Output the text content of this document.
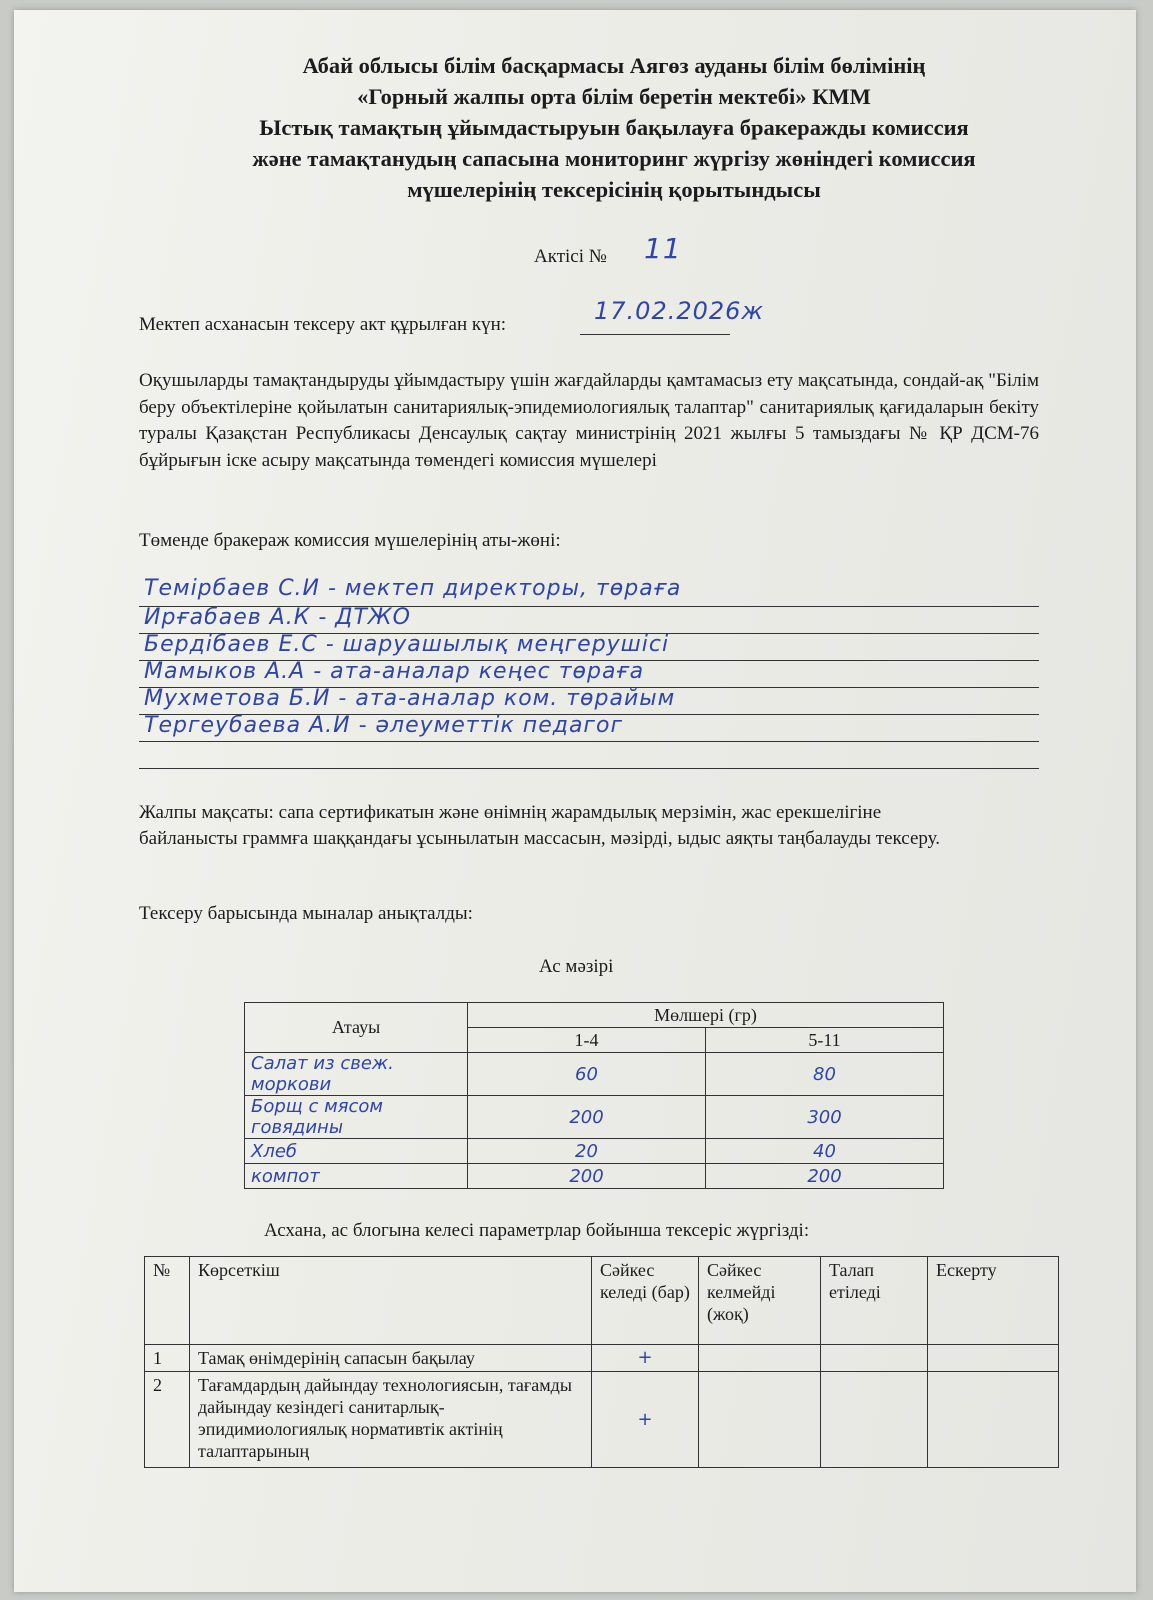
Абай облысы білім басқармасы Аягөз ауданы білім бөлімінің
«Горный жалпы орта білім беретін мектебі» КММ
Ыстық тамақтың ұйымдастыруын бақылауға бракеражды комиссия
және тамақтанудың сапасына мониторинг жүргізу жөніндегі комиссия
мүшелерінің тексерісінің қорытындысы
Актісі № 11
Мектеп асханасын тексеру акт құрылған күн:	17.02.2026ж
Оқушыларды тамақтандыруды ұйымдастыру үшін жағдайларды қамтамасыз ету мақсатында, сондай-ақ "Білім беру объектілеріне қойылатын санитариялық-эпидемиологиялық талаптар" санитариялық қағидаларын бекіту туралы Қазақстан Республикасы Денсаулық сақтау министрінің 2021 жылғы 5 тамыздағы № ҚР ДСМ-76 бұйрығын іске асыру мақсатында төмендегі комиссия мүшелері
Төменде бракераж комиссия мүшелерінің аты-жөні:
Темірбаев С.И - мектеп директоры, төраға
Ирғабаев А.К - ДТЖО
Бердібаев Е.С - шаруашылық меңгерушісі
Мамыков А.А - ата-аналар кеңес төраға
Мухметова Б.И - ата-аналар ком. төрайым
Тергеубаева А.И - әлеуметтік педагог
Жалпы мақсаты: сапа сертификатын және өнімнің жарамдылық мерзімін, жас ерекшелігіне байланысты граммға шаққандағы ұсынылатын массасын, мәзірді, ыдыс аяқты таңбалауды тексеру.
Тексеру барысында мыналар анықталды:
Ас мәзірі
Атауы	Мөлшері (гр)	
	1-4	5-11
Салат из свеж. моркови	60	80
Борщ с мясом говядины	200	300
Хлеб	20	40
компот	200	200
Асхана, ас блогына келесі параметрлар бойынша тексеріс жүргізді:
№	Көрсеткіш	Сәйкес келеді (бар)	Сәйкес келмейді (жоқ)	Талап етіледі	Ескерту
1	Тамақ өнімдерінің сапасын бақылау	+			
2	Тағамдардың дайындау технологиясын, тағамды дайындау кезіндегі санитарлық-эпидимиологиялық нормативтік актінің талаптарының	+			
